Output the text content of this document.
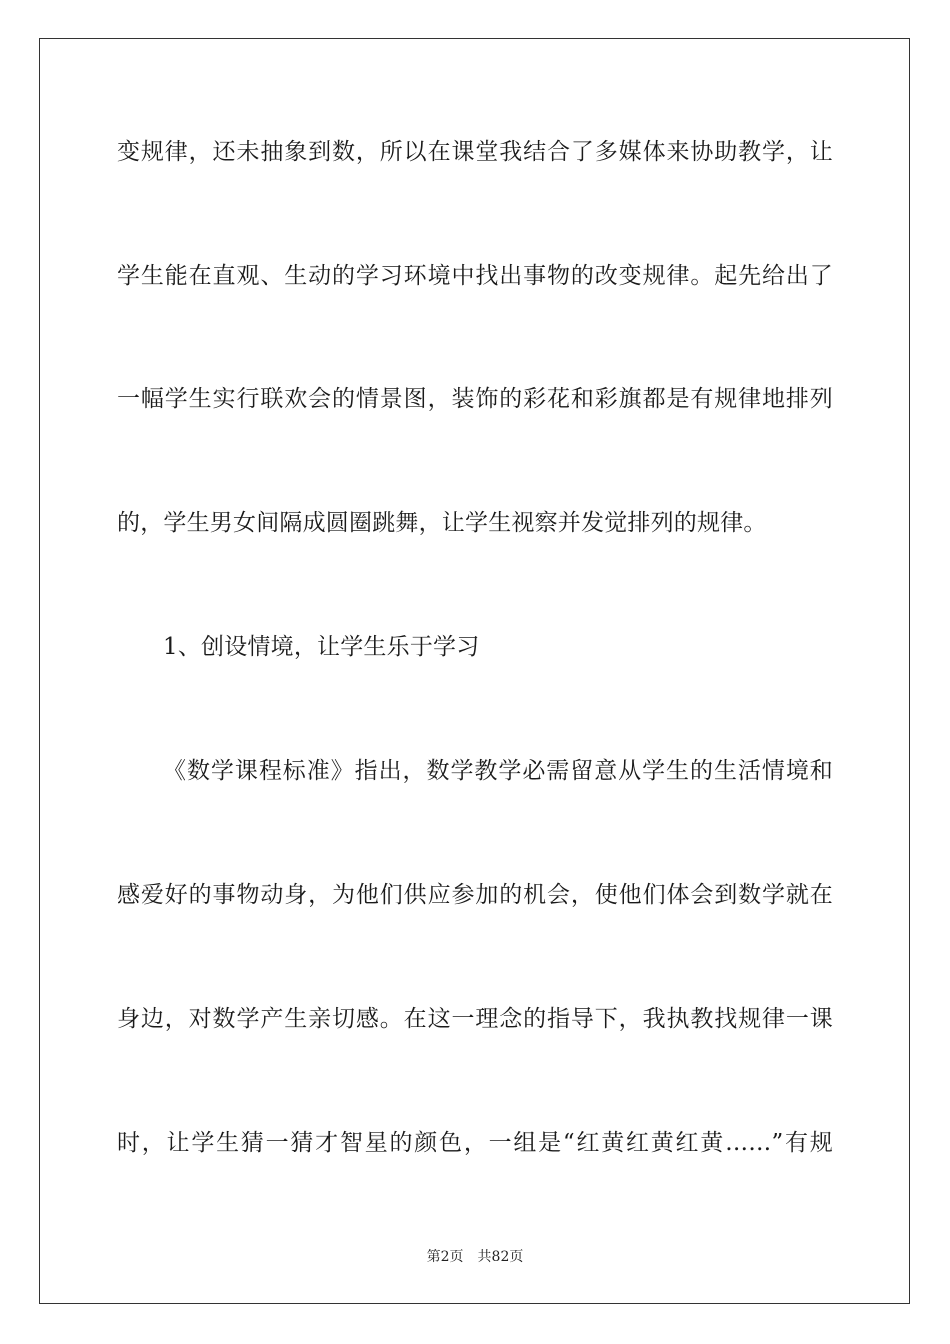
变规律，还未抽象到数，所以在课堂我结合了多媒体来协助教学，让
学生能在直观、生动的学习环境中找出事物的改变规律。起先给出了
一幅学生实行联欢会的情景图，装饰的彩花和彩旗都是有规律地排列
的，学生男女间隔成圆圈跳舞，让学生视察并发觉排列的规律。
1、创设情境，让学生乐于学习
《数学课程标准》指出，数学教学必需留意从学生的生活情境和
感爱好的事物动身，为他们供应参加的机会，使他们体会到数学就在
身边，对数学产生亲切感。在这一理念的指导下，我执教找规律一课
时，让学生猜一猜才智星的颜色，一组是“红黄红黄红黄……”有规
第2页 共82页
